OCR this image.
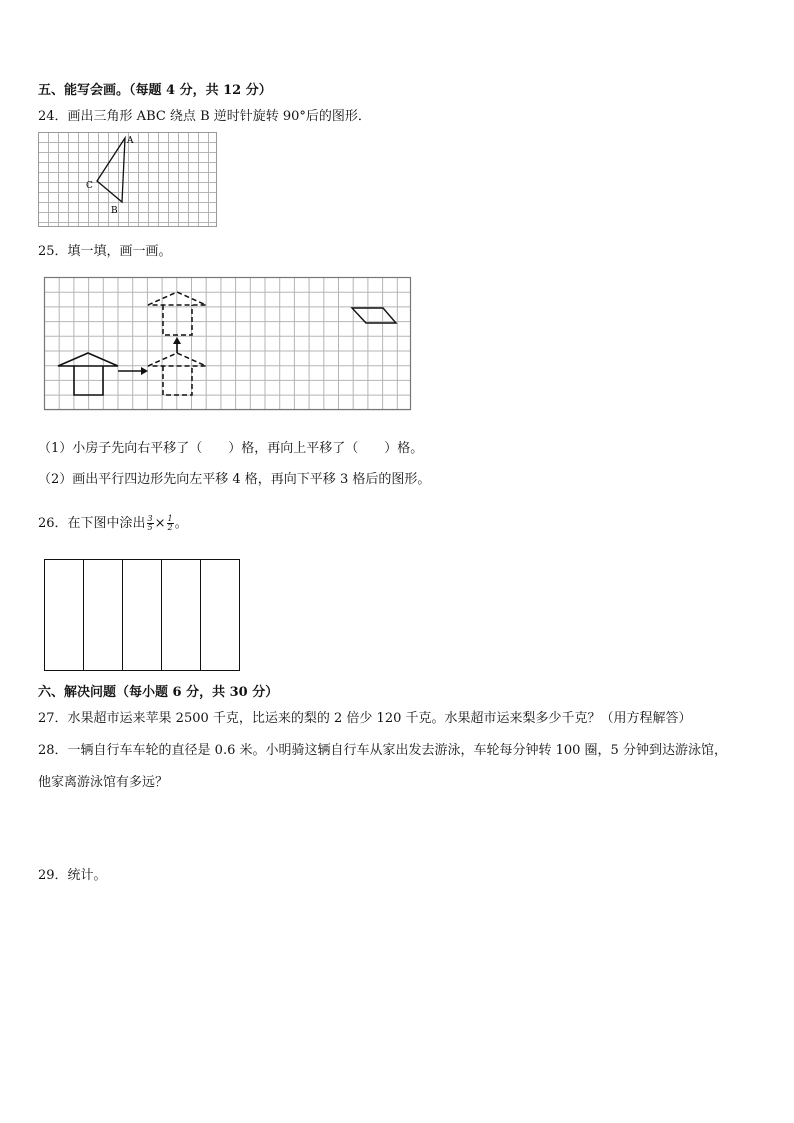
五、能写会画。（每题 4 分，共 12 分）
24．画出三角形 ABC 绕点 B 逆时针旋转 90°后的图形．
A
C
B
25．填一填，画一画。
（1）小房子先向右平移了（　　）格，再向上平移了（　　）格。
（2）画出平行四边形先向左平移 4 格，再向下平移 3 格后的图形。
26．在下图中涂出 $\frac{3}{5} \times \frac{1}{2}$ 。
六、解决问题（每小题 6 分，共 30 分）
27．水果超市运来苹果 2500 千克，比运来的梨的 2 倍少 120 千克。水果超市运来梨多少千克？（用方程解答）
28．一辆自行车车轮的直径是 0.6 米。小明骑这辆自行车从家出发去游泳，车轮每分钟转 100 圈，5 分钟到达游泳馆，
他家离游泳馆有多远？
29．统计。
